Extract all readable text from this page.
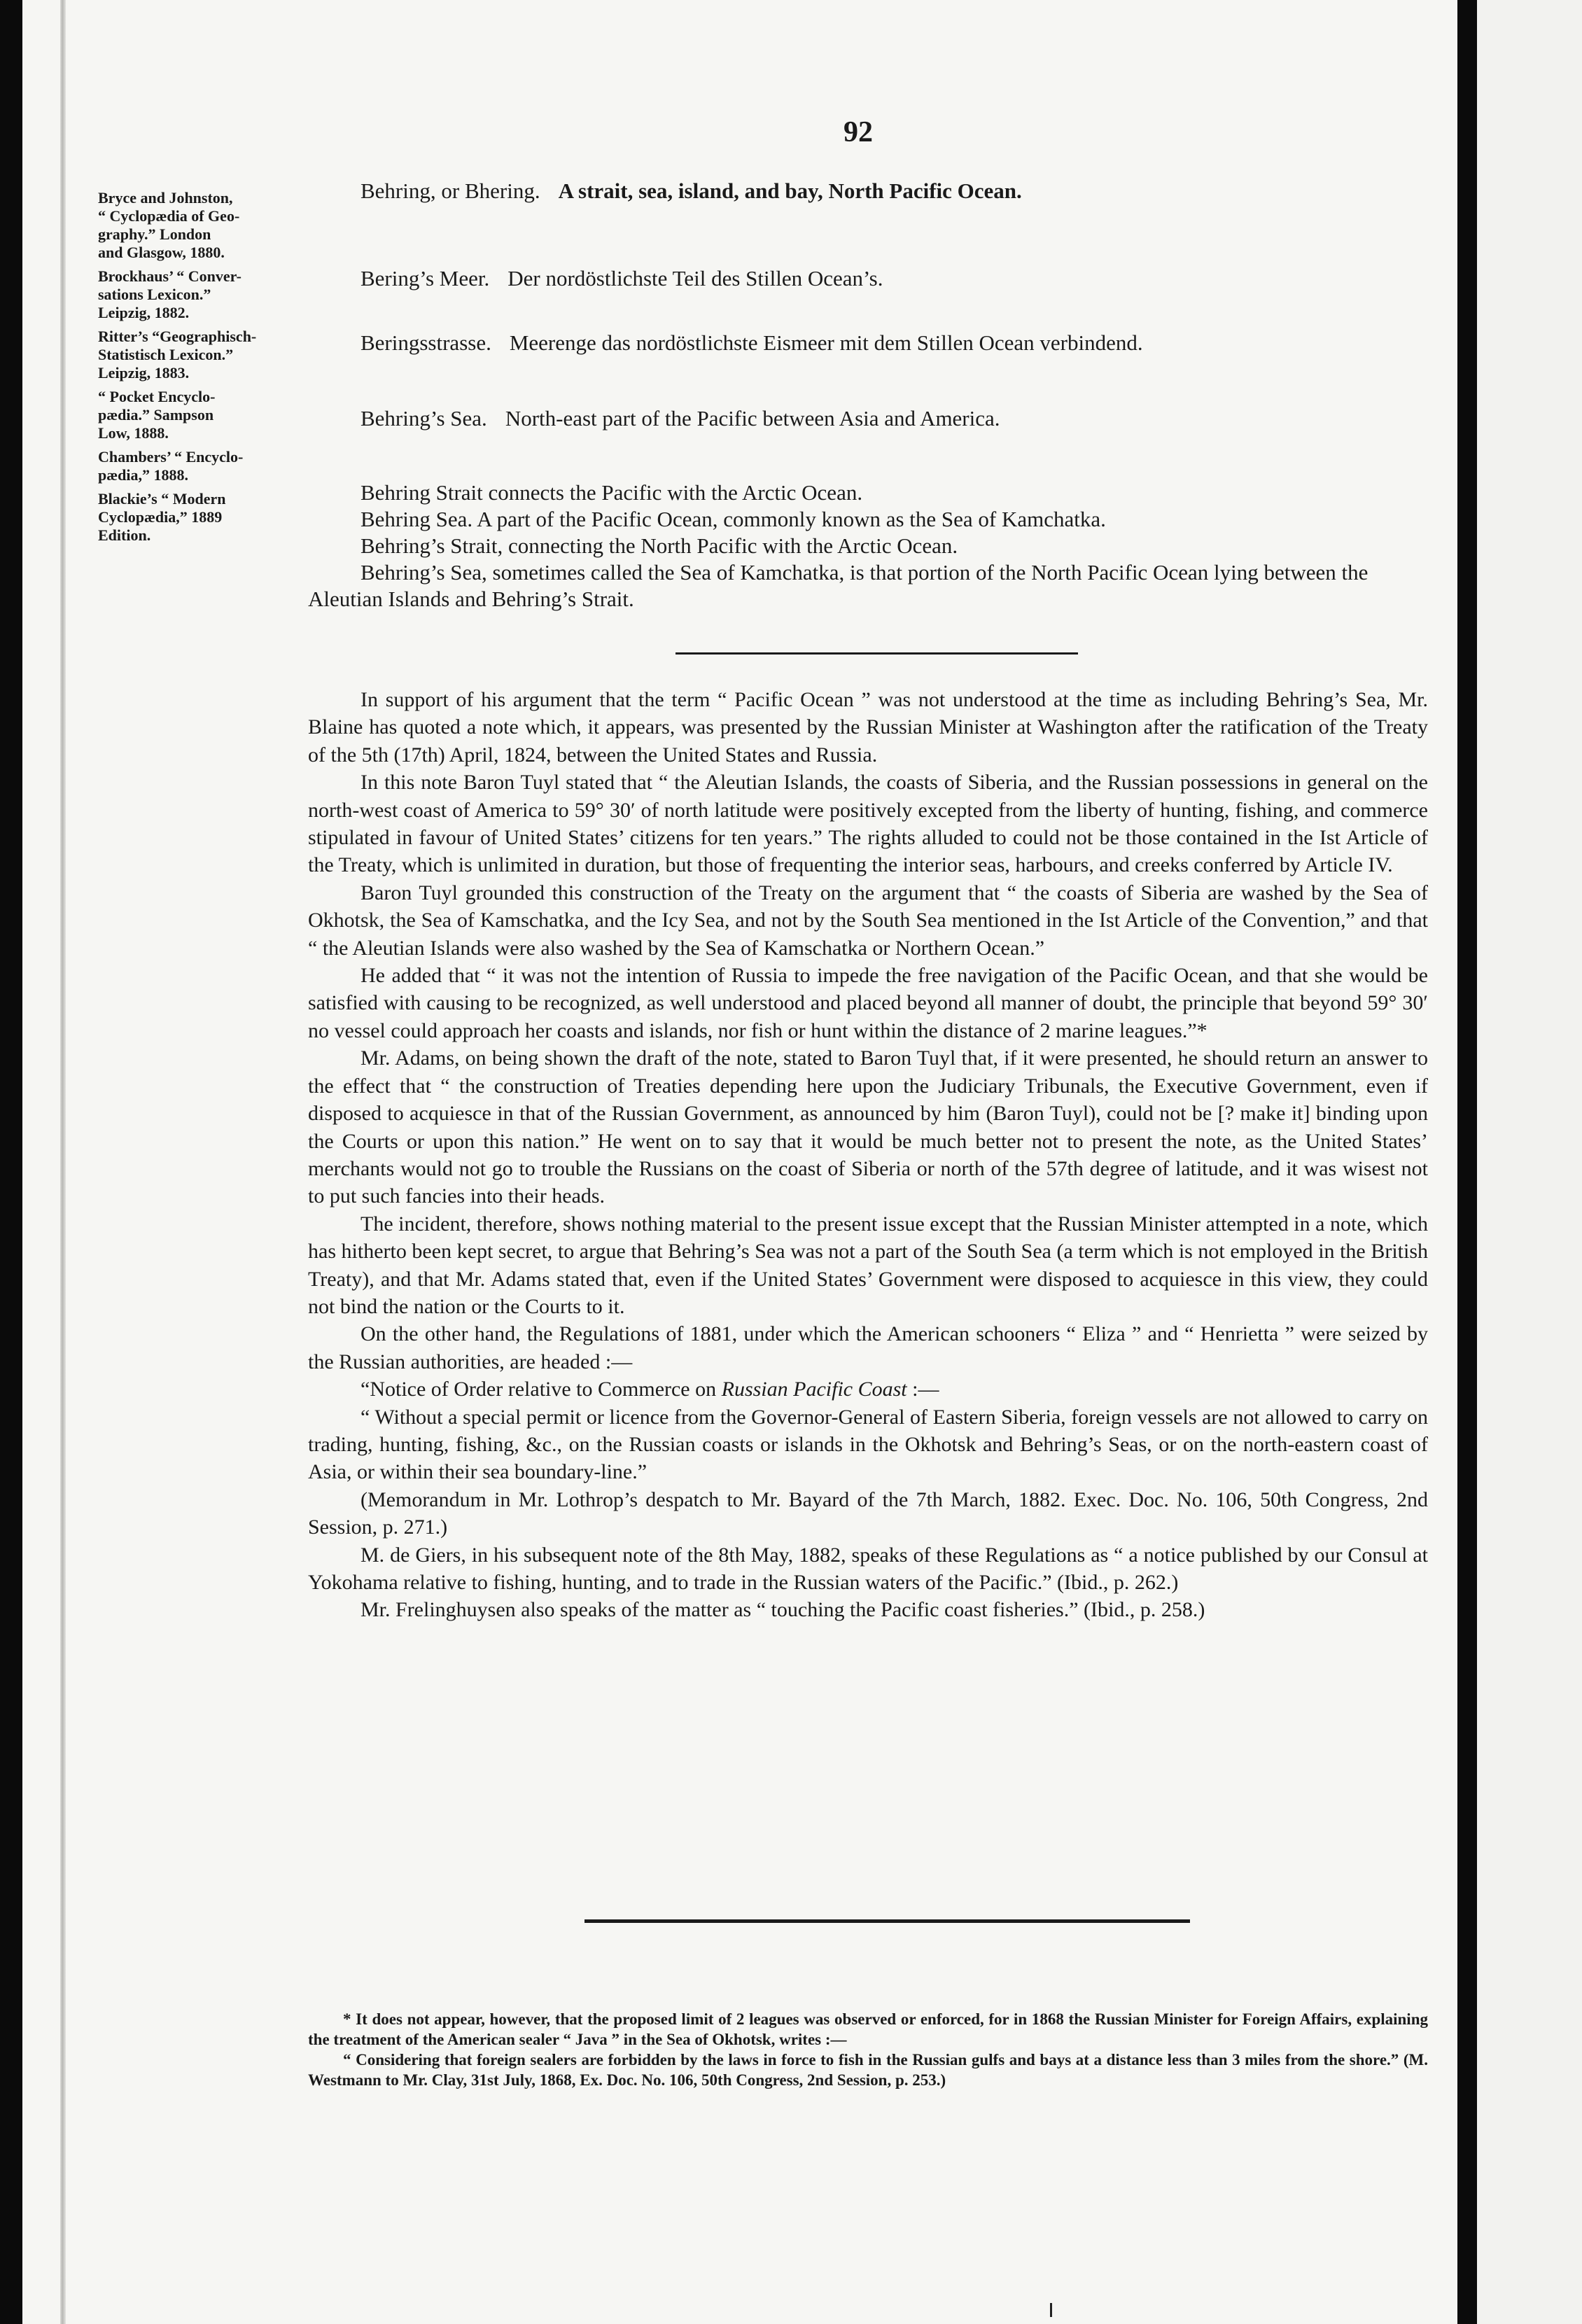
92
Bryce and Johnston,
“ Cyclopædia of Geo-
graphy.” London
and Glasgow, 1880.
Brockhaus’ “ Conver-
sations Lexicon.”
Leipzig, 1882.
Ritter’s “Geographisch-
Statistisch Lexicon.”
Leipzig, 1883.
“ Pocket Encyclo-
pædia.” Sampson
Low, 1888.
Chambers’ “ Encyclo-
pædia,” 1888.
Blackie’s “ Modern
Cyclopædia,” 1889
Edition.
Behring, or Bhering. A strait, sea, island, and bay, North Pacific Ocean.
Bering’s Meer. Der nordöstlichste Teil des Stillen Ocean’s.
Beringsstrasse. Meerenge das nordöstlichste Eismeer mit dem Stillen Ocean verbindend.
Behring’s Sea. North-east part of the Pacific between Asia and America.

Behring Strait connects the Pacific with the Arctic Ocean.

Behring Sea. A part of the Pacific Ocean, commonly known as the Sea of Kamchatka.

Behring’s Strait, connecting the North Pacific with the Arctic Ocean.

Behring’s Sea, sometimes called the Sea of Kamchatka, is that portion of the North Pacific Ocean lying between the Aleutian Islands and Behring’s Strait.

In support of his argument that the term “ Pacific Ocean ” was not understood at the time as including Behring’s Sea, Mr. Blaine has quoted a note which, it appears, was presented by the Russian Minister at Washington after the ratification of the Treaty of the 5th (17th) April, 1824, between the United States and Russia.

In this note Baron Tuyl stated that “ the Aleutian Islands, the coasts of Siberia, and the Russian possessions in general on the north-west coast of America to 59° 30′ of north latitude were positively excepted from the liberty of hunting, fishing, and commerce stipulated in favour of United States’ citizens for ten years.” The rights alluded to could not be those contained in the Ist Article of the Treaty, which is unlimited in duration, but those of frequenting the interior seas, harbours, and creeks conferred by Article IV.

Baron Tuyl grounded this construction of the Treaty on the argument that “ the coasts of Siberia are washed by the Sea of Okhotsk, the Sea of Kamschatka, and the Icy Sea, and not by the South Sea mentioned in the Ist Article of the Convention,” and that “ the Aleutian Islands were also washed by the Sea of Kamschatka or Northern Ocean.”

He added that “ it was not the intention of Russia to impede the free navigation of the Pacific Ocean, and that she would be satisfied with causing to be recognized, as well understood and placed beyond all manner of doubt, the principle that beyond 59° 30′ no vessel could approach her coasts and islands, nor fish or hunt within the distance of 2 marine leagues.”*

Mr. Adams, on being shown the draft of the note, stated to Baron Tuyl that, if it were presented, he should return an answer to the effect that “ the construction of Treaties depending here upon the Judiciary Tribunals, the Executive Government, even if disposed to acquiesce in that of the Russian Government, as announced by him (Baron Tuyl), could not be [? make it] binding upon the Courts or upon this nation.” He went on to say that it would be much better not to present the note, as the United States’ merchants would not go to trouble the Russians on the coast of Siberia or north of the 57th degree of latitude, and it was wisest not to put such fancies into their heads.

The incident, therefore, shows nothing material to the present issue except that the Russian Minister attempted in a note, which has hitherto been kept secret, to argue that Behring’s Sea was not a part of the South Sea (a term which is not employed in the British Treaty), and that Mr. Adams stated that, even if the United States’ Government were disposed to acquiesce in this view, they could not bind the nation or the Courts to it.

On the other hand, the Regulations of 1881, under which the American schooners “ Eliza ” and “ Henrietta ” were seized by the Russian authorities, are headed :—

“Notice of Order relative to Commerce on Russian Pacific Coast :—

“ Without a special permit or licence from the Governor-General of Eastern Siberia, foreign vessels are not allowed to carry on trading, hunting, fishing, &c., on the Russian coasts or islands in the Okhotsk and Behring’s Seas, or on the north-eastern coast of Asia, or within their sea boundary-line.”

(Memorandum in Mr. Lothrop’s despatch to Mr. Bayard of the 7th March, 1882. Exec. Doc. No. 106, 50th Congress, 2nd Session, p. 271.)

M. de Giers, in his subsequent note of the 8th May, 1882, speaks of these Regulations as “ a notice published by our Consul at Yokohama relative to fishing, hunting, and to trade in the Russian waters of the Pacific.” (Ibid., p. 262.)

Mr. Frelinghuysen also speaks of the matter as “ touching the Pacific coast fisheries.” (Ibid., p. 258.)

* It does not appear, however, that the proposed limit of 2 leagues was observed or enforced, for in 1868 the Russian Minister for Foreign Affairs, explaining the treatment of the American sealer “ Java ” in the Sea of Okhotsk, writes :—

“ Considering that foreign sealers are forbidden by the laws in force to fish in the Russian gulfs and bays at a distance less than 3 miles from the shore.” (M. Westmann to Mr. Clay, 31st July, 1868, Ex. Doc. No. 106, 50th Congress, 2nd Session, p. 253.)
